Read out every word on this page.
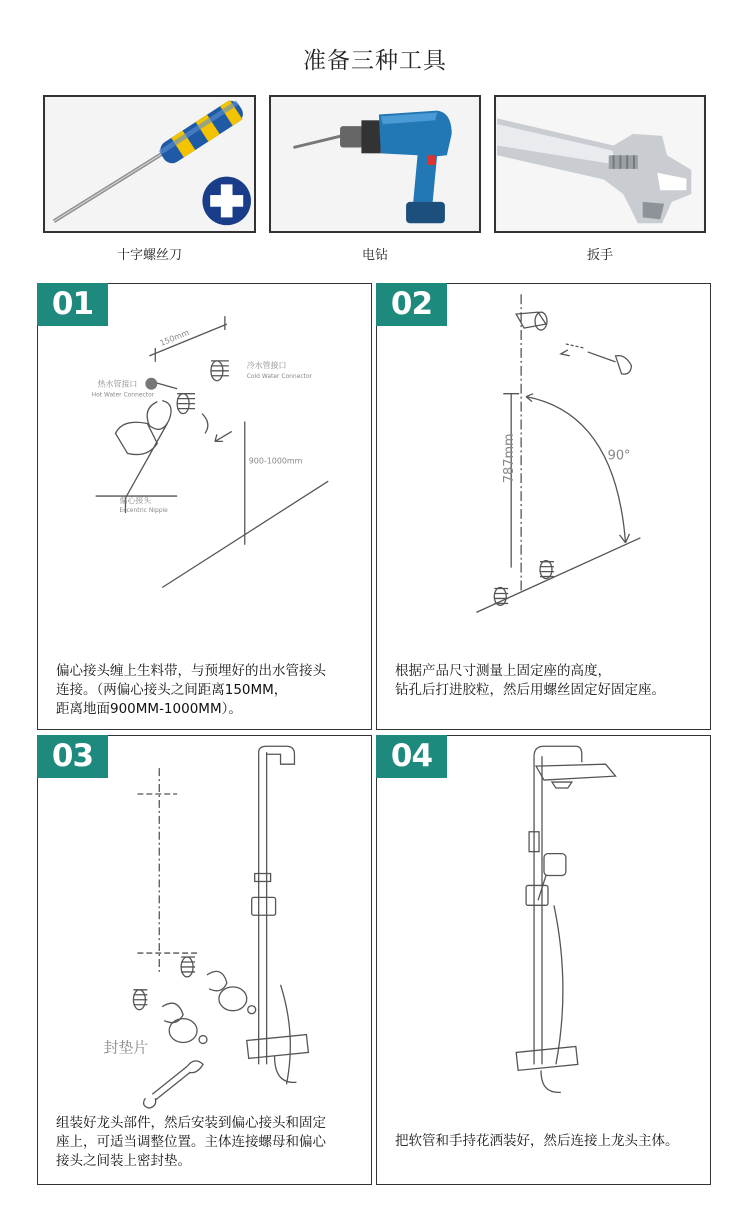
准备三种工具
十字螺丝刀	电钻	扳手
150mm
冷水管接口
Cold Water Connector
热水管接口
Hot Water Connector
900-1000mm
偏心接头
Eccentric Nipple
01
偏心接头缠上生料带，与预埋好的出水管接头
连接。（两偏心接头之间距离150MM，
距离地面900MM-1000MM）。
787mm	90°
02
根据产品尺寸测量上固定座的高度，
钻孔后打进胶粒，然后用螺丝固定好固定座。
封垫片
03
组装好龙头部件，然后安装到偏心接头和固定
座上，可适当调整位置。主体连接螺母和偏心
接头之间装上密封垫。
04
把软管和手持花洒装好，然后连接上龙头主体。
